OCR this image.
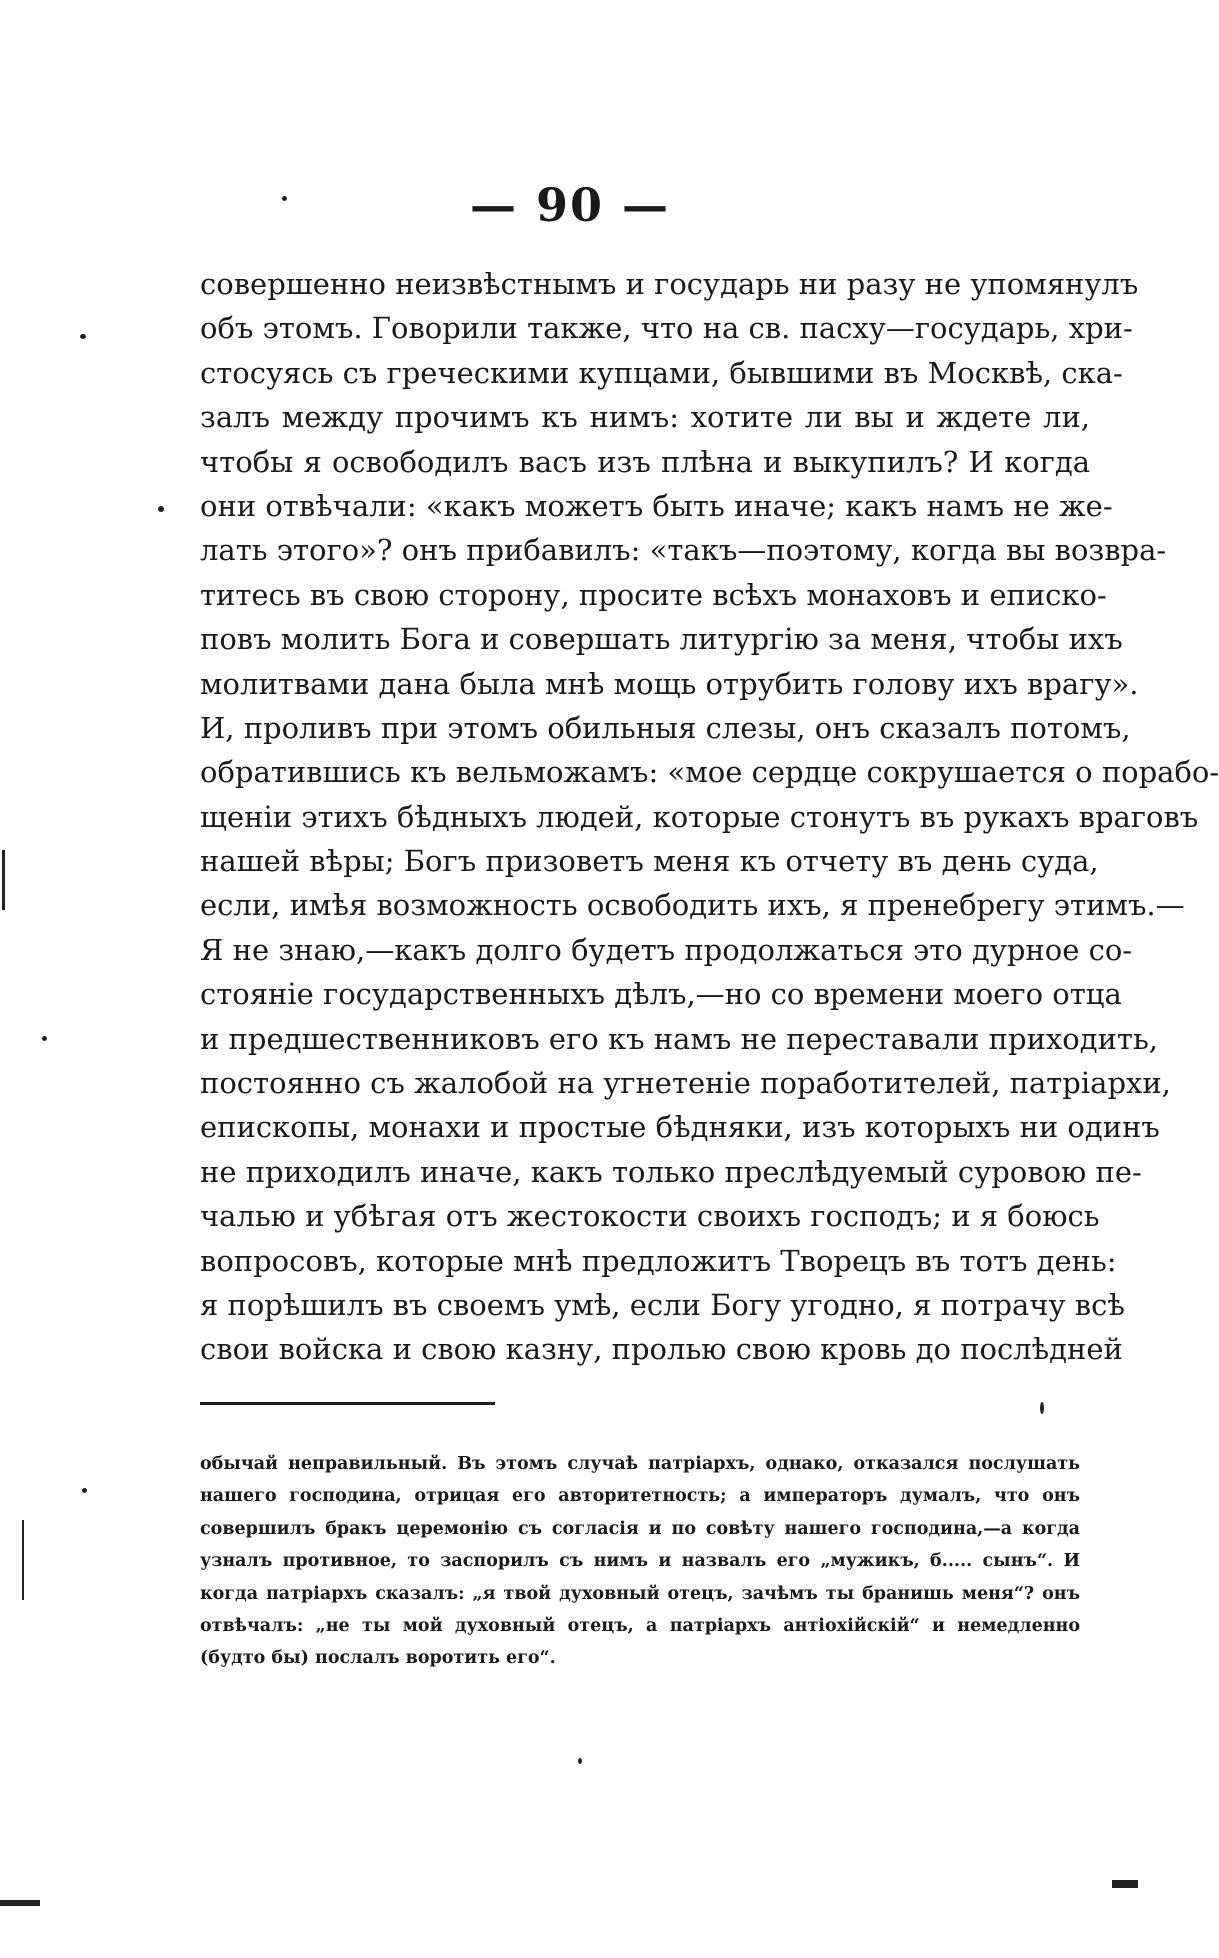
— 90 —
совершенно неизвѣстнымъ и государь ни разу не упомянулъ
объ этомъ. Говорили также, что на св. пасху—государь, хри-
стосуясь съ греческими купцами, бывшими въ Москвѣ, ска-
залъ между прочимъ къ нимъ: хотите ли вы и ждете ли,
чтобы я освободилъ васъ изъ плѣна и выкупилъ? И когда
они отвѣчали: «какъ можетъ быть иначе; какъ намъ не же-
лать этого»? онъ прибавилъ: «такъ—поэтому, когда вы возвра-
титесь въ свою сторону, просите всѣхъ монаховъ и еписко-
повъ молить Бога и совершать литургію за меня, чтобы ихъ
молитвами дана была мнѣ мощь отрубить голову ихъ врагу».
И, проливъ при этомъ обильныя слезы, онъ сказалъ потомъ,
обратившись къ вельможамъ: «мое сердце сокрушается о порабо-
щеніи этихъ бѣдныхъ людей, которые стонутъ въ рукахъ враговъ
нашей вѣры; Богъ призоветъ меня къ отчету въ день суда,
если, имѣя возможность освободить ихъ, я пренебрегу этимъ.—
Я не знаю,—какъ долго будетъ продолжаться это дурное со-
стояніе государственныхъ дѣлъ,—но со времени моего отца
и предшественниковъ его къ намъ не переставали приходить,
постоянно съ жалобой на угнетеніе поработителей, патріархи,
епископы, монахи и простые бѣдняки, изъ которыхъ ни одинъ
не приходилъ иначе, какъ только преслѣдуемый суровою пе-
чалью и убѣгая отъ жестокости своихъ господъ; и я боюсь
вопросовъ, которые мнѣ предложитъ Творецъ въ тотъ день:
я порѣшилъ въ своемъ умѣ, если Богу угодно, я потрачу всѣ
свои войска и свою казну, пролью свою кровь до послѣдней
обычай неправильный. Въ этомъ случаѣ патріархъ, однако, отказался послушать
нашего господина, отрицая его авторитетность; а императоръ думалъ, что онъ
совершилъ бракъ церемонію съ согласія и по совѣту нашего господина,—а когда
узналъ противное, то заспорилъ съ нимъ и назвалъ его „мужикъ, б..... сынъ“. И
когда патріархъ сказалъ: „я твой духовный отецъ, зачѣмъ ты бранишь меня“? онъ
отвѣчалъ: „не ты мой духовный отецъ, а патріархъ антіохійскій“ и немедленно
(будто бы) послалъ воротить его“.
